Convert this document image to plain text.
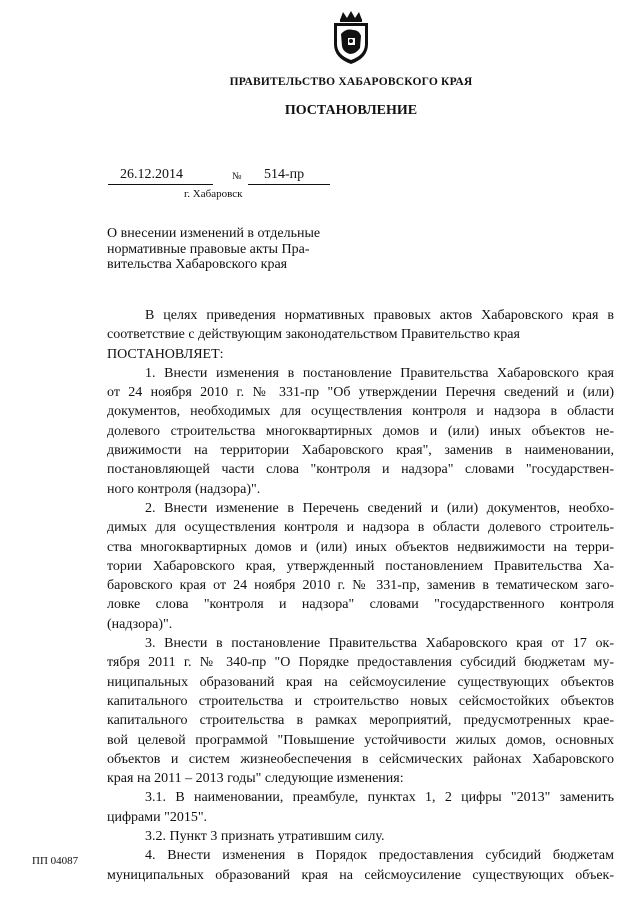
ПРАВИТЕЛЬСТВО ХАБАРОВСКОГО КРАЯ
ПОСТАНОВЛЕНИЕ
26.12.2014	№ 514-пр
г. Хабаровск
О внесении изменений в отдельные
нормативные правовые акты Пра-
вительства Хабаровского края
В целях приведения нормативных правовых актов Хабаровского края в
соответствие с действующим законодательством Правительство края
ПОСТАНОВЛЯЕТ:
1. Внести изменения в постановление Правительства Хабаровского края
от 24 ноября 2010 г. № 331-пр "Об утверждении Перечня сведений и (или)
документов, необходимых для осуществления контроля и надзора в области
долевого строительства многоквартирных домов и (или) иных объектов не-
движимости на территории Хабаровского края", заменив в наименовании,
постановляющей части слова "контроля и надзора" словами "государствен-
ного контроля (надзора)".
2. Внести изменение в Перечень сведений и (или) документов, необхо-
димых для осуществления контроля и надзора в области долевого строитель-
ства многоквартирных домов и (или) иных объектов недвижимости на терри-
тории Хабаровского края, утвержденный постановлением Правительства Ха-
баровского края от 24 ноября 2010 г. № 331-пр, заменив в тематическом заго-
ловке слова "контроля и надзора" словами "государственного контроля
(надзора)".
3. Внести в постановление Правительства Хабаровского края от 17 ок-
тября 2011 г. № 340-пр "О Порядке предоставления субсидий бюджетам му-
ниципальных образований края на сейсмоусиление существующих объектов
капитального строительства и строительство новых сейсмостойких объектов
капитального строительства в рамках мероприятий, предусмотренных крае-
вой целевой программой "Повышение устойчивости жилых домов, основных
объектов и систем жизнеобеспечения в сейсмических районах Хабаровского
края на 2011 – 2013 годы" следующие изменения:
3.1. В наименовании, преамбуле, пунктах 1, 2 цифры "2013" заменить
цифрами "2015".
3.2. Пункт 3 признать утратившим силу.
4. Внести изменения в Порядок предоставления субсидий бюджетам
муниципальных образований края на сейсмоусиление существующих объек-
ПП 04087
